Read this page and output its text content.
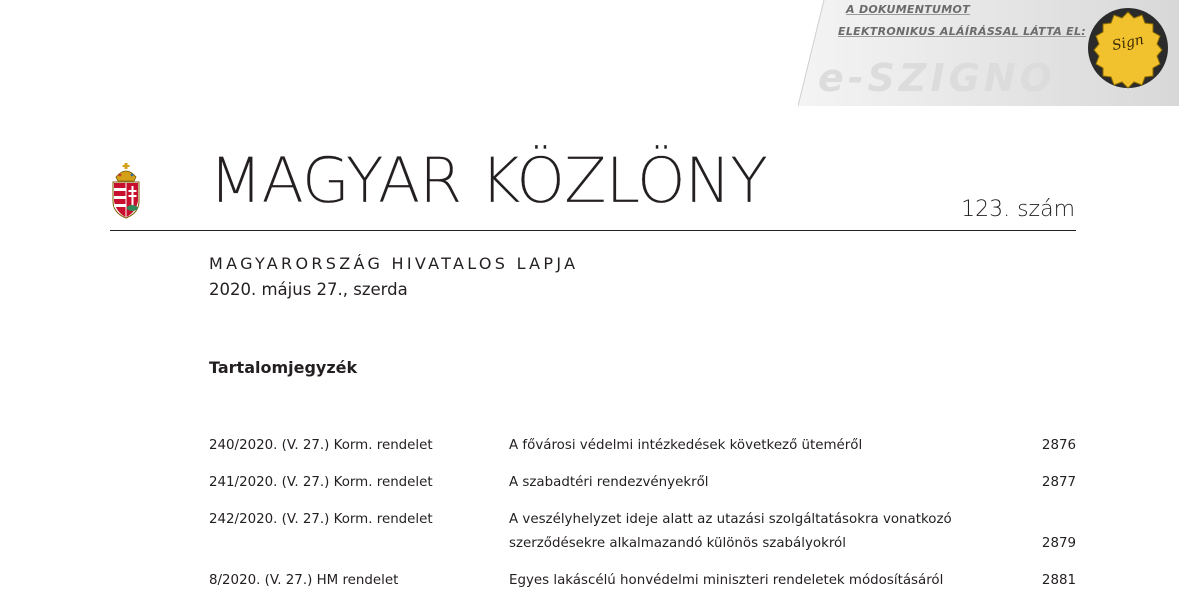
e-SZIGNO
A DOKUMENTUMOT
ELEKTRONIKUS ALÁÍRÁSSAL LÁTTA EL:
Sign
MAGYAR KÖZLÖNY	123. szám
MAGYARORSZÁG HIVATALOS LAPJA
2020. május 27., szerda
Tartalomjegyzék
240/2020. (V. 27.) Korm. rendelet	A fővárosi védelmi intézkedések következő üteméről	2876
241/2020. (V. 27.) Korm. rendelet	A szabadtéri rendezvényekről	2877
242/2020. (V. 27.) Korm. rendelet	A veszélyhelyzet ideje alatt az utazási szolgáltatásokra vonatkozó szerződésekre alkalmazandó különös szabályokról	2879
8/2020. (V. 27.) HM rendelet	Egyes lakáscélú honvédelmi miniszteri rendeletek módosításáról	2881
